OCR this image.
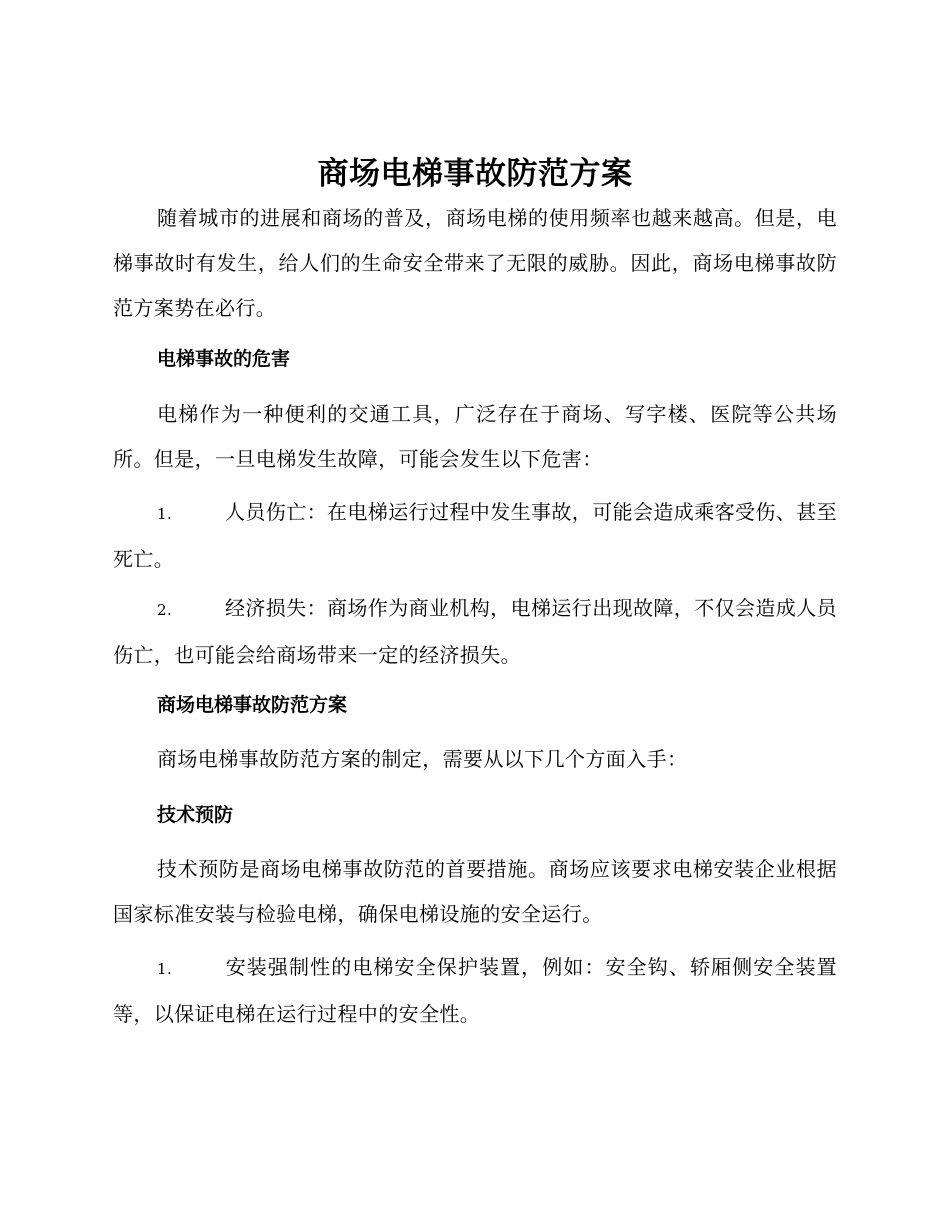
商场电梯事故防范方案
随着城市的进展和商场的普及，商场电梯的使用频率也越来越高。但是，电梯事故时有发生，给人们的生命安全带来了无限的威胁。因此，商场电梯事故防范方案势在必行。
电梯事故的危害
电梯作为一种便利的交通工具，广泛存在于商场、写字楼、医院等公共场所。但是，一旦电梯发生故障，可能会发生以下危害：
1.	人员伤亡：在电梯运行过程中发生事故，可能会造成乘客受伤、甚至死亡。
2.	经济损失：商场作为商业机构，电梯运行出现故障，不仅会造成人员伤亡，也可能会给商场带来一定的经济损失。
商场电梯事故防范方案
商场电梯事故防范方案的制定，需要从以下几个方面入手：
技术预防
技术预防是商场电梯事故防范的首要措施。商场应该要求电梯安装企业根据国家标准安装与检验电梯，确保电梯设施的安全运行。
1.	安装强制性的电梯安全保护装置，例如：安全钩、轿厢侧安全装置等，以保证电梯在运行过程中的安全性。
